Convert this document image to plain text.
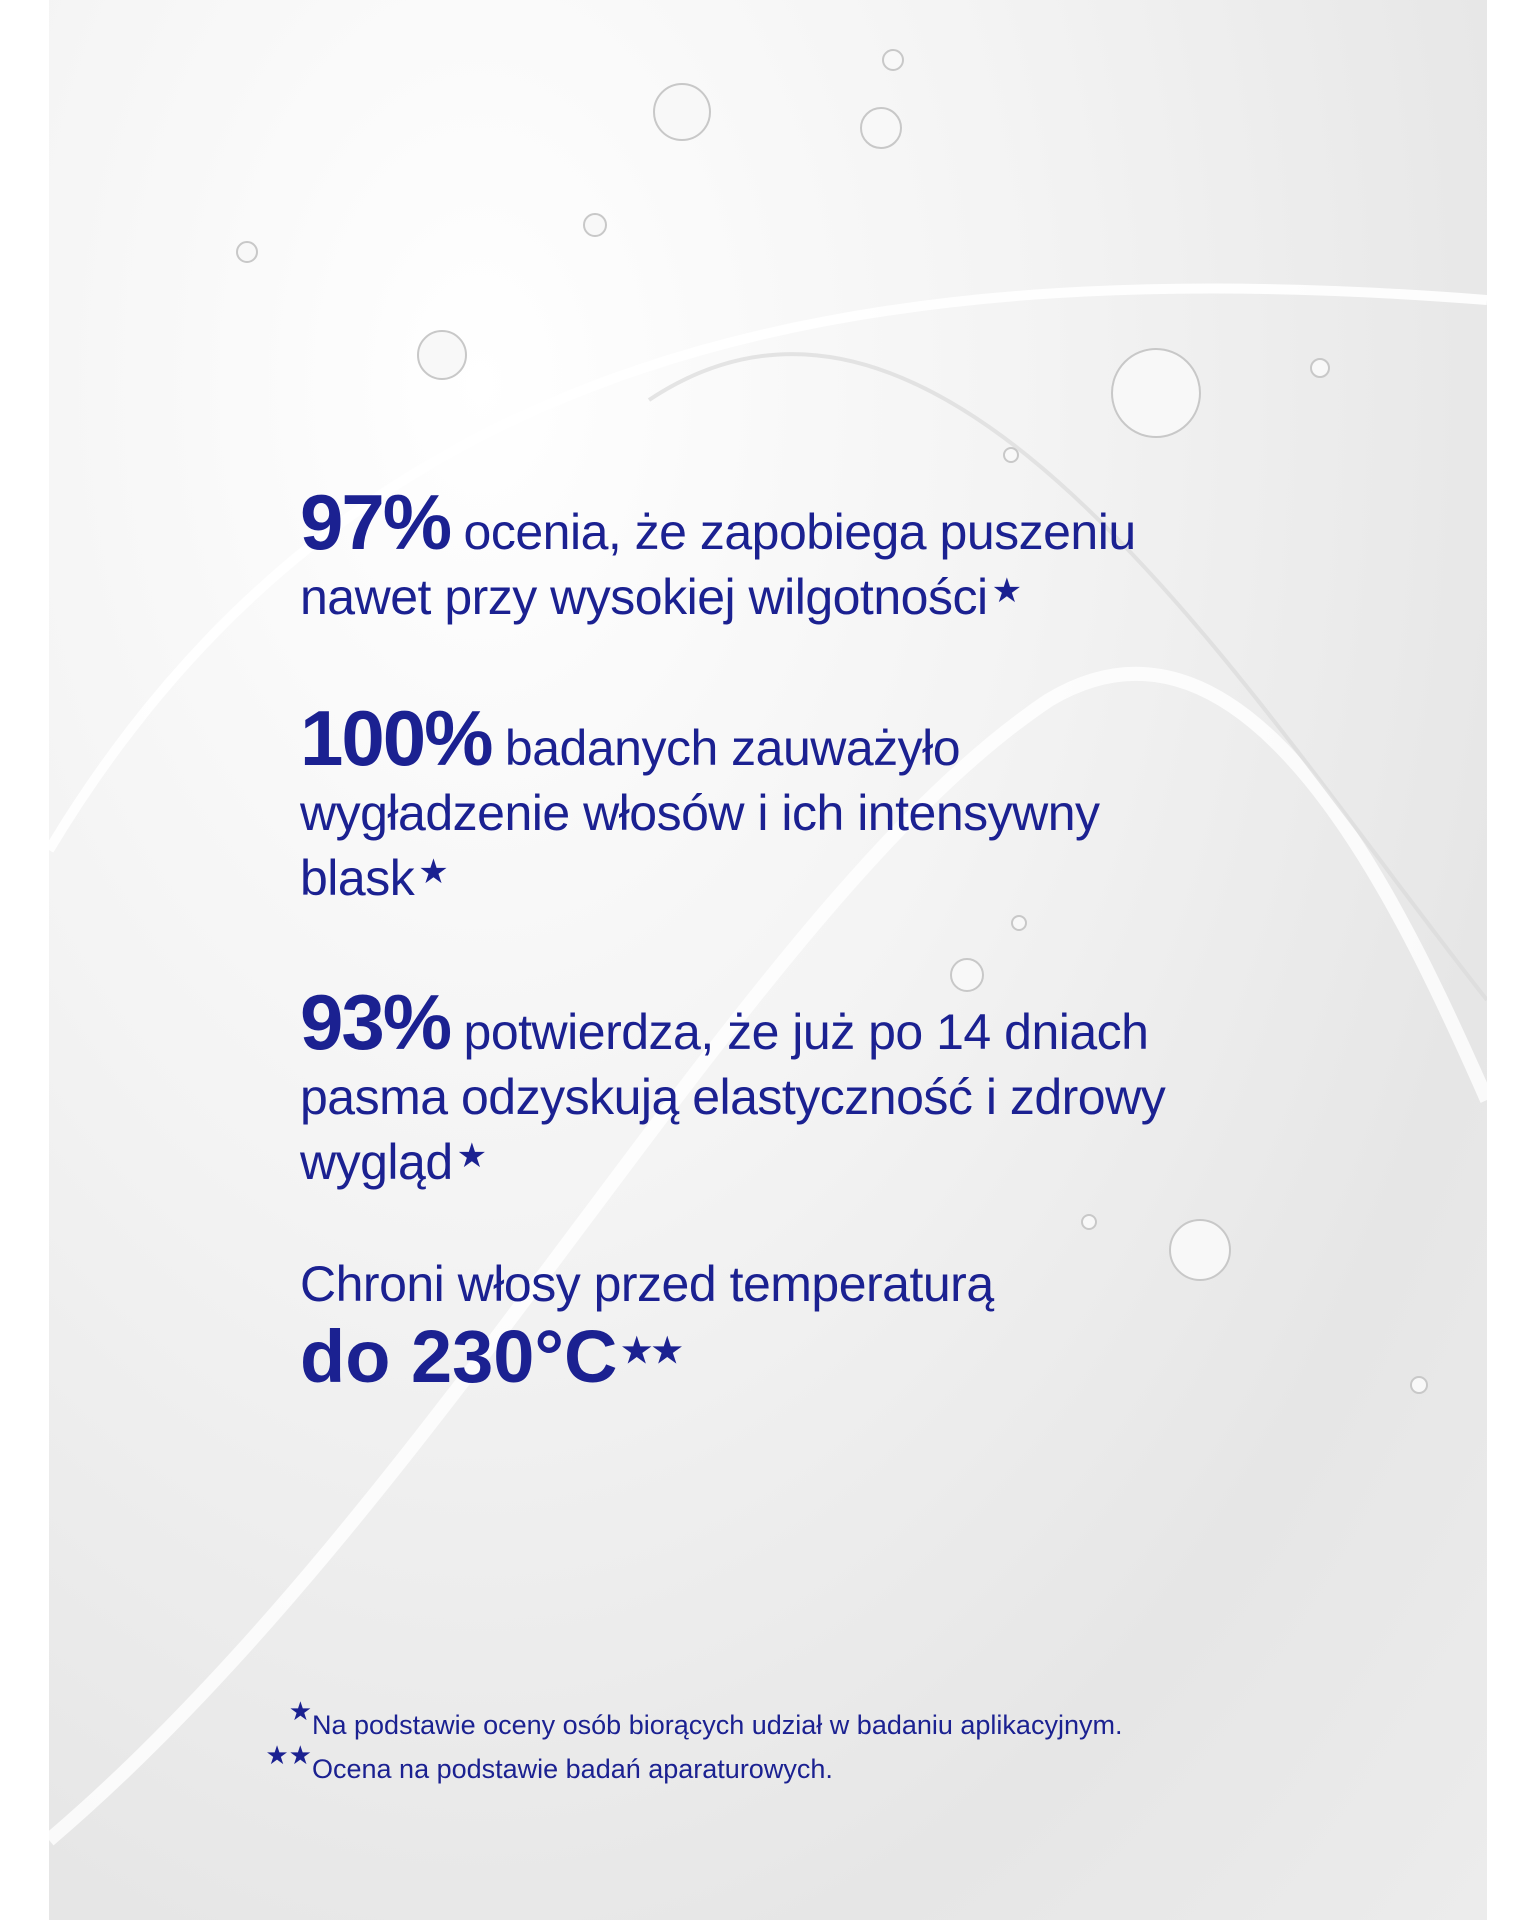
97% ocenia, że zapobiega puszeniu
nawet przy wysokiej wilgotności ★
100% badanych zauważyło
wygładzenie włosów i ich intensywny
blask ★
93% potwierdza, że już po 14 dniach
pasma odzyskują elastyczność i zdrowy
wygląd ★
Chroni włosy przed temperaturą
do 230°C ★★
★Na podstawie oceny osób biorących udział w badaniu aplikacyjnym.
★★Ocena na podstawie badań aparaturowych.
